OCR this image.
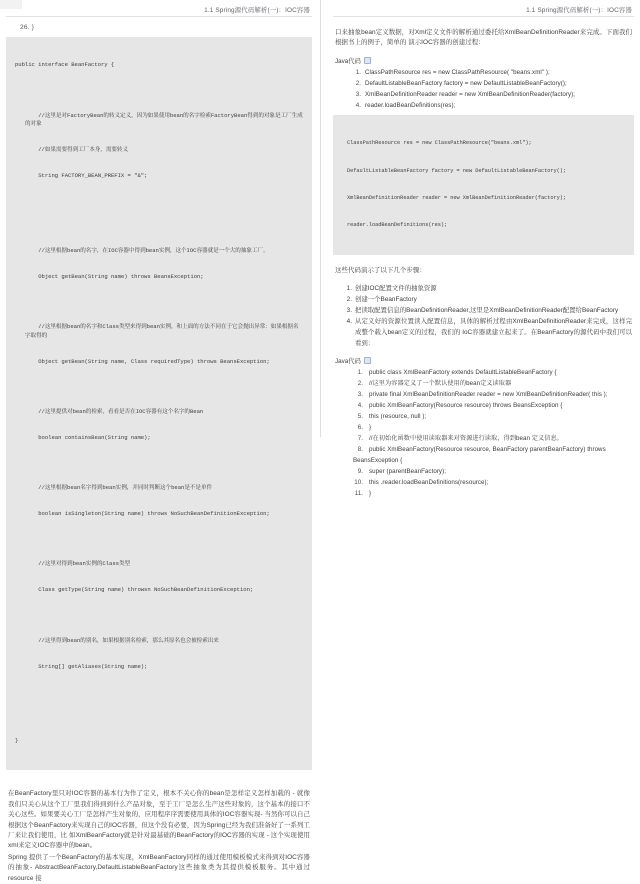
1.1 Spring源代码解析(一)：IOC容器
26. }

public interface BeanFactory {

//这里是对FactoryBean的转义定义，因为如果使用bean的名字检索FactoryBean得到的对象是工厂生成的对象

//如果需要得到工厂本身，需要转义

String FACTORY_BEAN_PREFIX = "&";

//这里根据bean的名字，在IOC容器中得到bean实例，这个IOC容器就是一个大的抽象工厂。

Object getBean(String name) throws BeansException;

//这里根据bean的名字和Class类型来得到bean实例，和上面的方法不同在于它会抛出异常：如果根据名字取得的

Object getBean(String name, Class requiredType) throws BeansException;

//这里提供对bean的检索，看看是否在IOC容器有这个名字的Bean

boolean containsBean(String name);

//这里根据bean名字得到bean实例，并同时判断这个bean是不是单件

boolean isSingleton(String name) throws NoSuchBeanDefinitionException;

//这里对得到bean实例的Class类型

Class getType(String name) throwsn NoSuchBeanDefinitionException;

//这里得到bean的别名，如果根据别名检索，那么其原名也会被检索出来

String[] getAliases(String name);

}

在BeanFactory里只对IOC容器的基本行为作了定义，根本不关心你的bean是怎样定义怎样加载的 - 就像我们只关心从这个工厂里我们得到到什么产品对象，至于工厂是怎么生产这些对象的，这个基本的接口不关心这些。如果要关心工厂是怎样产生对象的，应用程序序需要使用具体的IOC容器实现- 当然你可以自己根据这个BeanFactory来实现自己的IOC容器，但这个没有必要，因为Spring已经为我们准备好了一系列工厂来让我们使用，比 如XmlBeanFactory就是针对最基础的BeanFactory的IOC容器的实现 - 这个实现使用xml来定义IOC容器中的bean。

Spring 提供了一个BeanFactory的基本实现，XmlBeanFactory同样的通过使用模板模式来得到对IOC容器的抽象- AbstractBeanFactory,DefaultListableBeanFactory这些抽象类为其提供模板服务。其中通过resource 接

1.1 Spring源代码解析(一)：IOC容器

口来抽象bean定义数据，对Xml定义文件的解析通过委托给XmlBeanDefinitionReader来完成。下面我们根据书上的例子，简单的 演示IOC容器的创建过程：

Java代码
ClassPathResource res = new ClassPathResource( "beans.xml" );
DefaultListableBeanFactory factory = new DefaultListableBeanFactory();
XmlBeanDefinitionReader reader = new XmlBeanDefinitionReader(factory);
reader.loadBeanDefinitions(res);

ClassPathResource res = new ClassPathResource("beans.xml");

DefaultListableBeanFactory factory = new DefaultListableBeanFactory();

XmlBeanDefinitionReader reader = new XmlBeanDefinitionReader(factory);

reader.loadBeanDefinitions(res);

这些代码演示了以下几个步骤：

创建IOC配置文件的抽象资源
创建一个BeanFactory
把读取配置信息的BeanDefinitionReader,这里是XmlBeanDefinitionReader配置给BeanFactory
从定义好的资源位置读入配置信息，具体的解析过程由XmlBeanDefinitionReader来完成，这样完成整个载入bean定义的过程，我们的 IoC容器就建立起来了。在BeanFactory的源代码中我们可以看到：
Java代码
public class XmlBeanFactory extends DefaultListableBeanFactory {
//这里为容器定义了一个默认使用的bean定义读取器
private final XmlBeanDefinitionReader reader = new XmlBeanDefinitionReader( this );
public XmlBeanFactory(Resource resource) throws BeansException {
this (resource, null );
}
//在初始化函数中使用读取器来对资源进行读取，得到bean 定义信息。
public XmlBeanFactory(Resource resource, BeanFactory parentBeanFactory) throws
BeansException {
super (parentBeanFactory);
this .reader.loadBeanDefinitions(resource);
}
